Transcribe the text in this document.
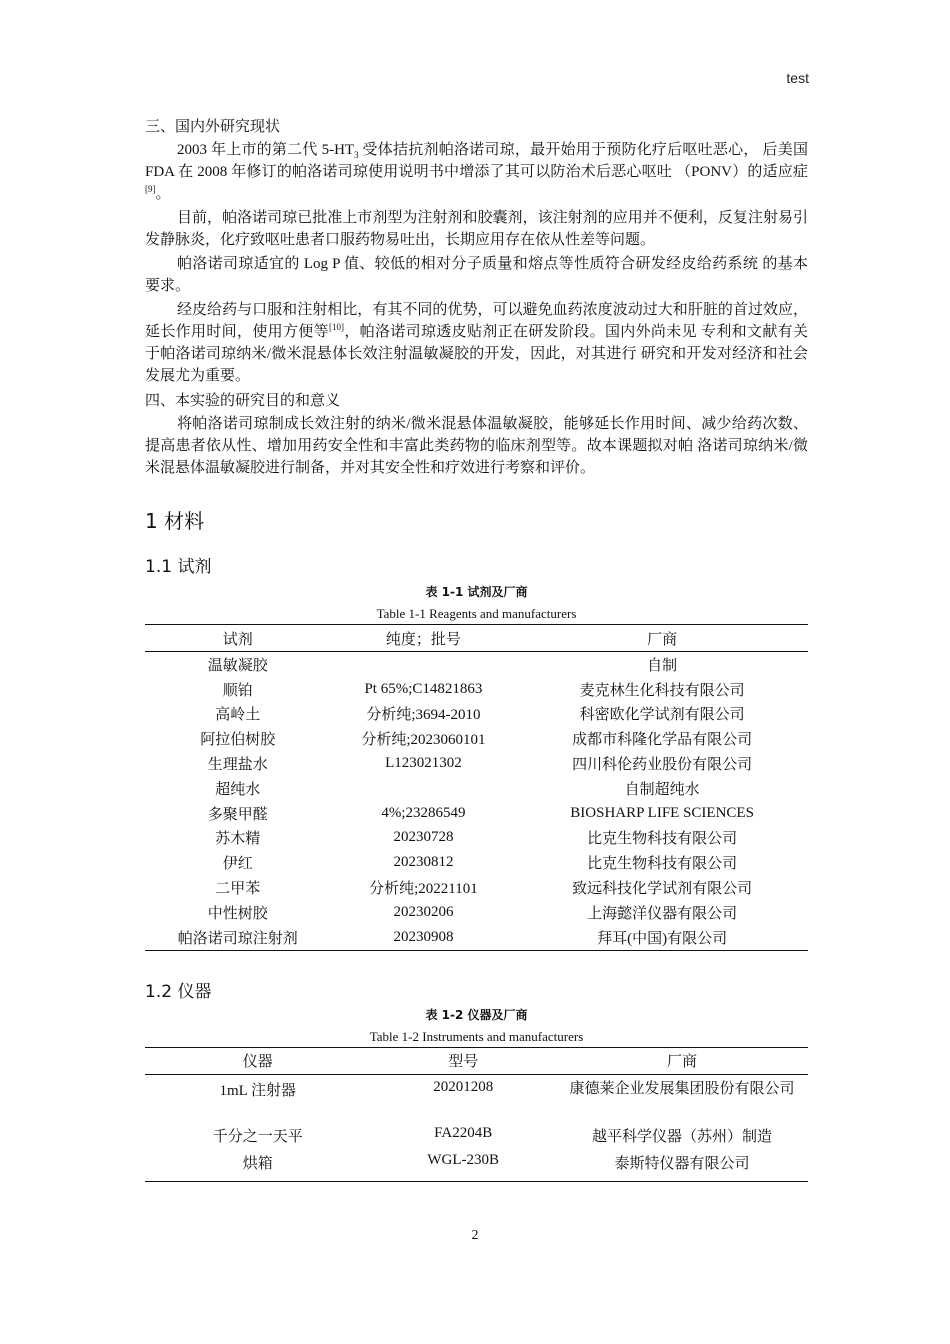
test

三、国内外研究现状

2003 年上市的第二代 $5-HT_3$ 受体拮抗剂帕洛诺司琼，最开始用于预防化疗后呕吐恶心， 后美国 FDA 在 2008 年修订的帕洛诺司琼使用说明书中增添了其可以防治术后恶心呕吐 （PONV）的适应症[9]。

目前，帕洛诺司琼已批准上市剂型为注射剂和胶囊剂，该注射剂的应用并不便利，反复注射易引发静脉炎，化疗致呕吐患者口服药物易吐出，长期应用存在依从性差等问题。

帕洛诺司琼适宜的 Log P 值、较低的相对分子质量和熔点等性质符合研发经皮给药系统 的基本要求。

经皮给药与口服和注射相比，有其不同的优势，可以避免血药浓度波动过大和肝脏的首过效应，延长作用时间，使用方便等[10]，帕洛诺司琼透皮贴剂正在研发阶段。国内外尚未见 专利和文献有关于帕洛诺司琼纳米/微米混悬体长效注射温敏凝胶的开发，因此，对其进行 研究和开发对经济和社会发展尤为重要。

四、本实验的研究目的和意义

将帕洛诺司琼制成长效注射的纳米/微米混悬体温敏凝胶，能够延长作用时间、减少给药次数、提高患者依从性、增加用药安全性和丰富此类药物的临床剂型等。故本课题拟对帕 洛诺司琼纳米/微米混悬体温敏凝胶进行制备，并对其安全性和疗效进行考察和评价。

1 材料
1.1 试剂
表 1-1 试剂及厂商
Table 1-1 Reagents and manufacturers
试剂	纯度；批号	厂商
温敏凝胶		自制
顺铂	Pt 65%;C14821863	麦克林生化科技有限公司
高岭土	分析纯;3694-2010	科密欧化学试剂有限公司
阿拉伯树胶	分析纯;2023060101	成都市科隆化学品有限公司
生理盐水	L123021302	四川科伦药业股份有限公司
超纯水		自制超纯水
多聚甲醛	4%;23286549	BIOSHARP LIFE SCIENCES
苏木精	20230728	比克生物科技有限公司
伊红	20230812	比克生物科技有限公司
二甲苯	分析纯;20221101	致远科技化学试剂有限公司
中性树胶	20230206	上海懿洋仪器有限公司
帕洛诺司琼注射剂	20230908	拜耳(中国)有限公司
1.2 仪器
表 1-2 仪器及厂商
Table 1-2 Instruments and manufacturers
仪器	型号	厂商
1mL 注射器	20201208	康德莱企业发展集团股份有限公司
千分之一天平	FA2204B	越平科学仪器（苏州）制造
烘箱	WGL-230B	泰斯特仪器有限公司
2
